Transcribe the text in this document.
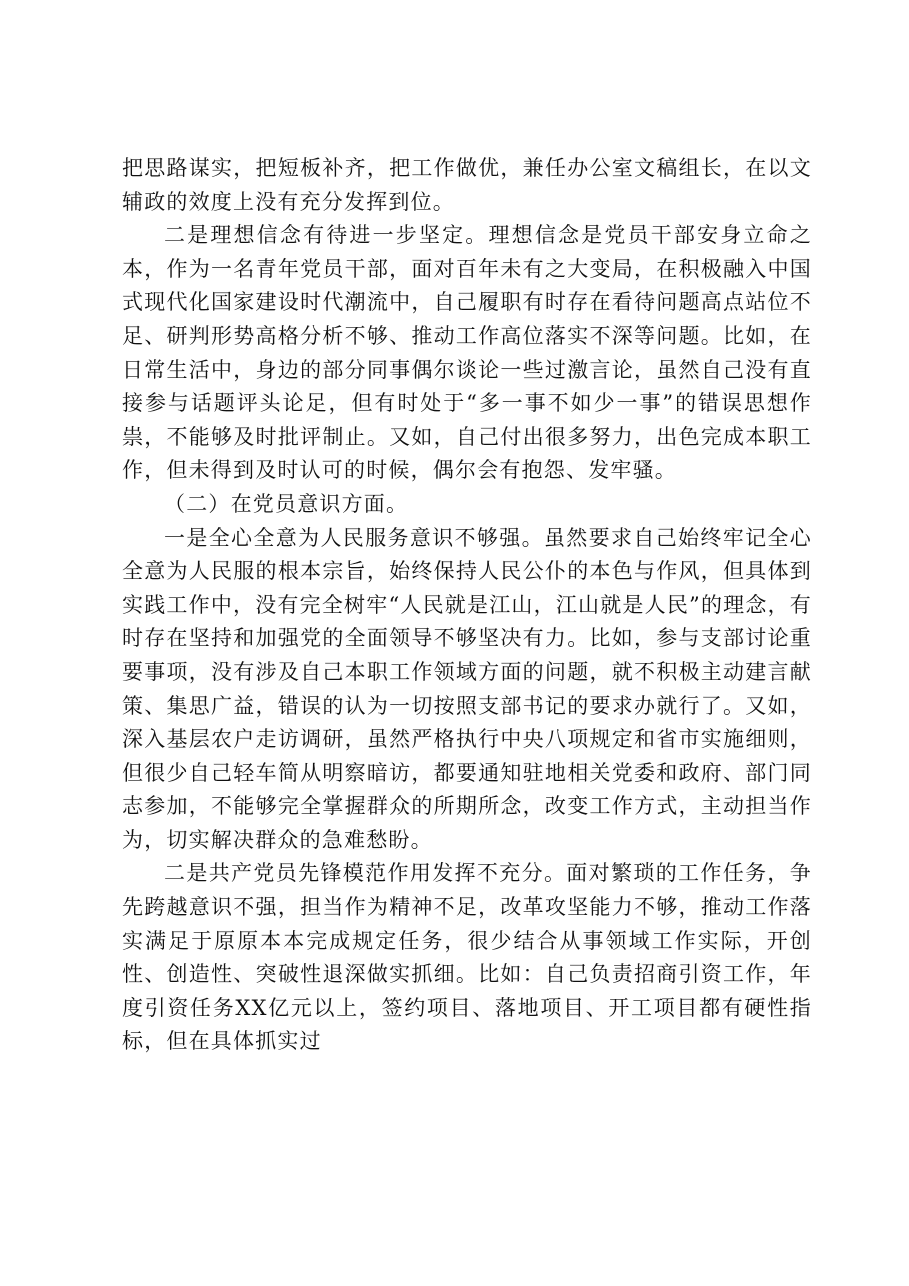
把思路谋实，把短板补齐，把工作做优，兼任办公室文稿组长，在以文辅政的效度上没有充分发挥到位。

二是理想信念有待进一步坚定。理想信念是党员干部安身立命之本，作为一名青年党员干部，面对百年未有之大变局，在积极融入中国式现代化国家建设时代潮流中，自己履职有时存在看待问题高点站位不足、研判形势高格分析不够、推动工作高位落实不深等问题。比如，在日常生活中，身边的部分同事偶尔谈论一些过激言论，虽然自己没有直接参与话题评头论足，但有时处于“多一事不如少一事”的错误思想作祟，不能够及时批评制止。又如，自己付出很多努力，出色完成本职工作，但未得到及时认可的时候，偶尔会有抱怨、发牢骚。

（二）在党员意识方面。

一是全心全意为人民服务意识不够强。虽然要求自己始终牢记全心全意为人民服的根本宗旨，始终保持人民公仆的本色与作风，但具体到实践工作中，没有完全树牢“人民就是江山，江山就是人民”的理念，有时存在坚持和加强党的全面领导不够坚决有力。比如，参与支部讨论重要事项，没有涉及自己本职工作领域方面的问题，就不积极主动建言献策、集思广益，错误的认为一切按照支部书记的要求办就行了。又如，深入基层农户走访调研，虽然严格执行中央八项规定和省市实施细则，但很少自己轻车简从明察暗访，都要通知驻地相关党委和政府、部门同志参加，不能够完全掌握群众的所期所念，改变工作方式，主动担当作为，切实解决群众的急难愁盼。

二是共产党员先锋模范作用发挥不充分。面对繁琐的工作任务，争先跨越意识不强，担当作为精神不足，改革攻坚能力不够，推动工作落实满足于原原本本完成规定任务，很少结合从事领域工作实际，开创性、创造性、突破性退深做实抓细。比如：自己负责招商引资工作，年度引资任务XX亿元以上，签约项目、落地项目、开工项目都有硬性指标，但在具体抓实过
